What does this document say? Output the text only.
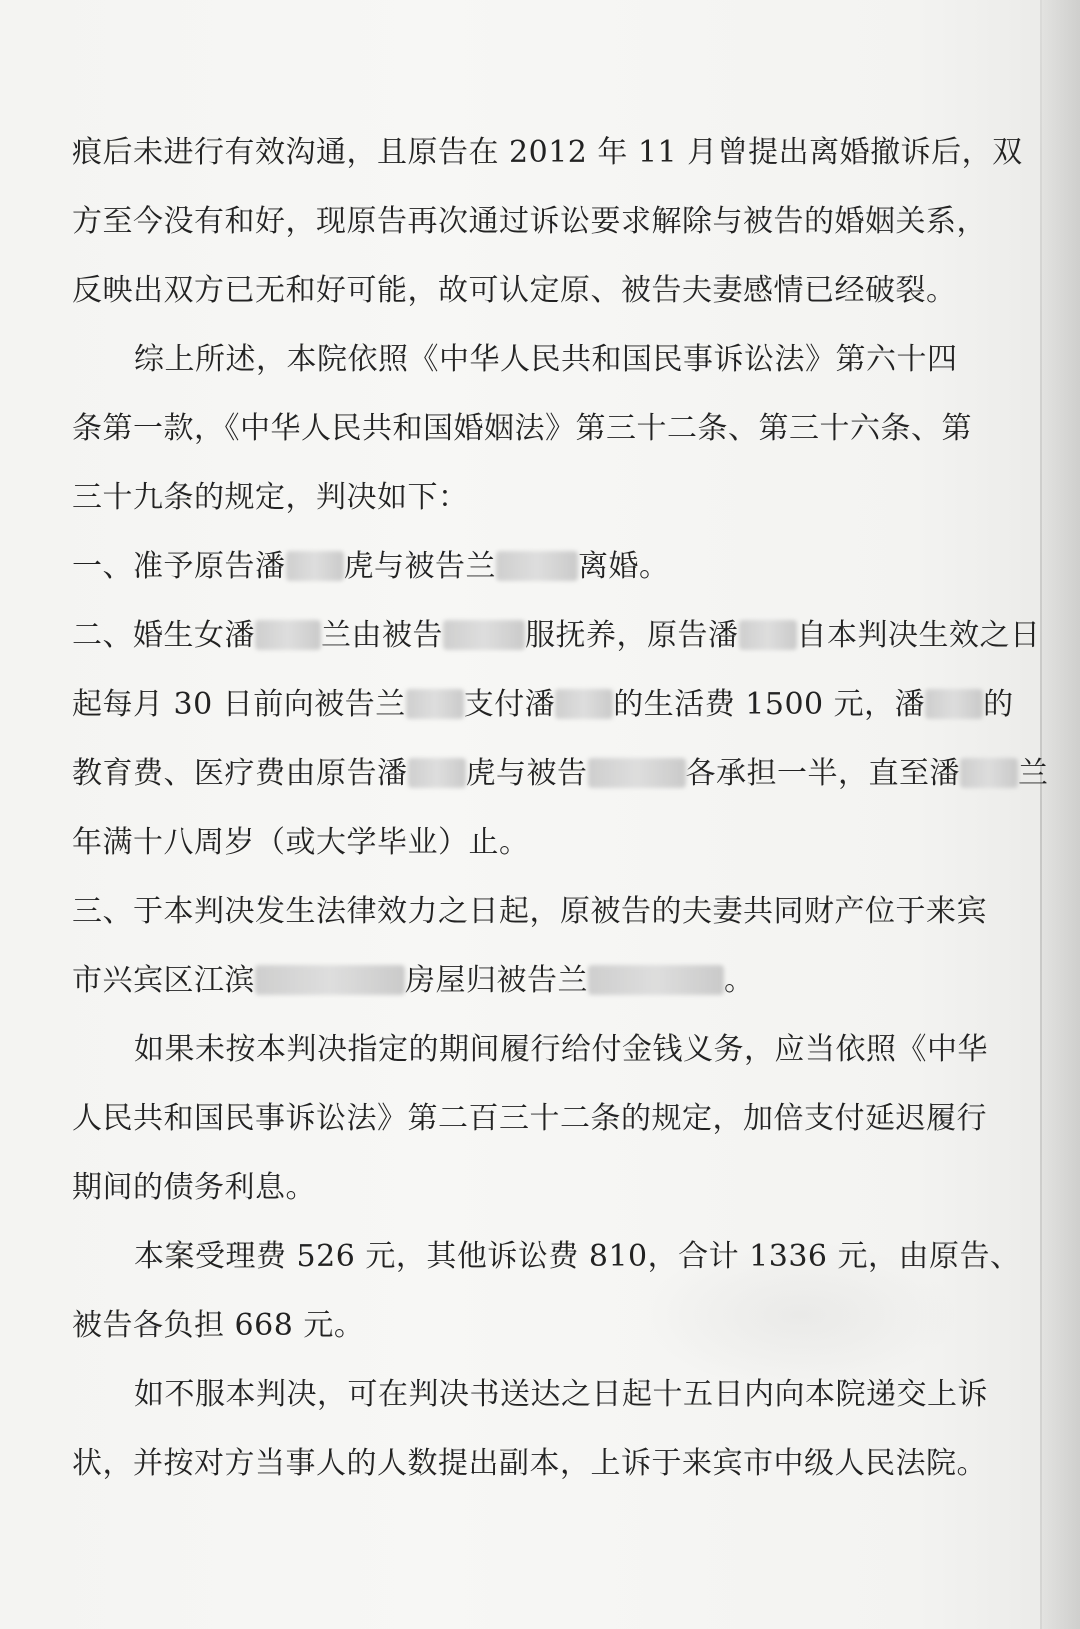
痕后未进行有效沟通，且原告在 2012 年 11 月曾提出离婚撤诉后，双
方至今没有和好，现原告再次通过诉讼要求解除与被告的婚姻关系，
反映出双方已无和好可能，故可认定原、被告夫妻感情已经破裂。
综上所述，本院依照《中华人民共和国民事诉讼法》第六十四
条第一款，《中华人民共和国婚姻法》第三十二条、第三十六条、第
三十九条的规定，判决如下：
一、准予原告潘 虎与被告兰	离婚。
二、婚生女潘 兰由被告	服抚养，原告潘 自本判决生效之日
起每月 30 日前向被告兰 支付潘 的生活费 1500 元，潘 的
教育费、医疗费由原告潘 虎与被告	各承担一半，直至潘 兰
年满十八周岁（或大学毕业）止。
三、于本判决发生法律效力之日起，原被告的夫妻共同财产位于来宾
市兴宾区江滨	房屋归被告兰	。
如果未按本判决指定的期间履行给付金钱义务，应当依照《中华
人民共和国民事诉讼法》第二百三十二条的规定，加倍支付延迟履行
期间的债务利息。
本案受理费 526 元，其他诉讼费 810，合计 1336 元，由原告、
被告各负担 668 元。
如不服本判决，可在判决书送达之日起十五日内向本院递交上诉
状，并按对方当事人的人数提出副本，上诉于来宾市中级人民法院。
